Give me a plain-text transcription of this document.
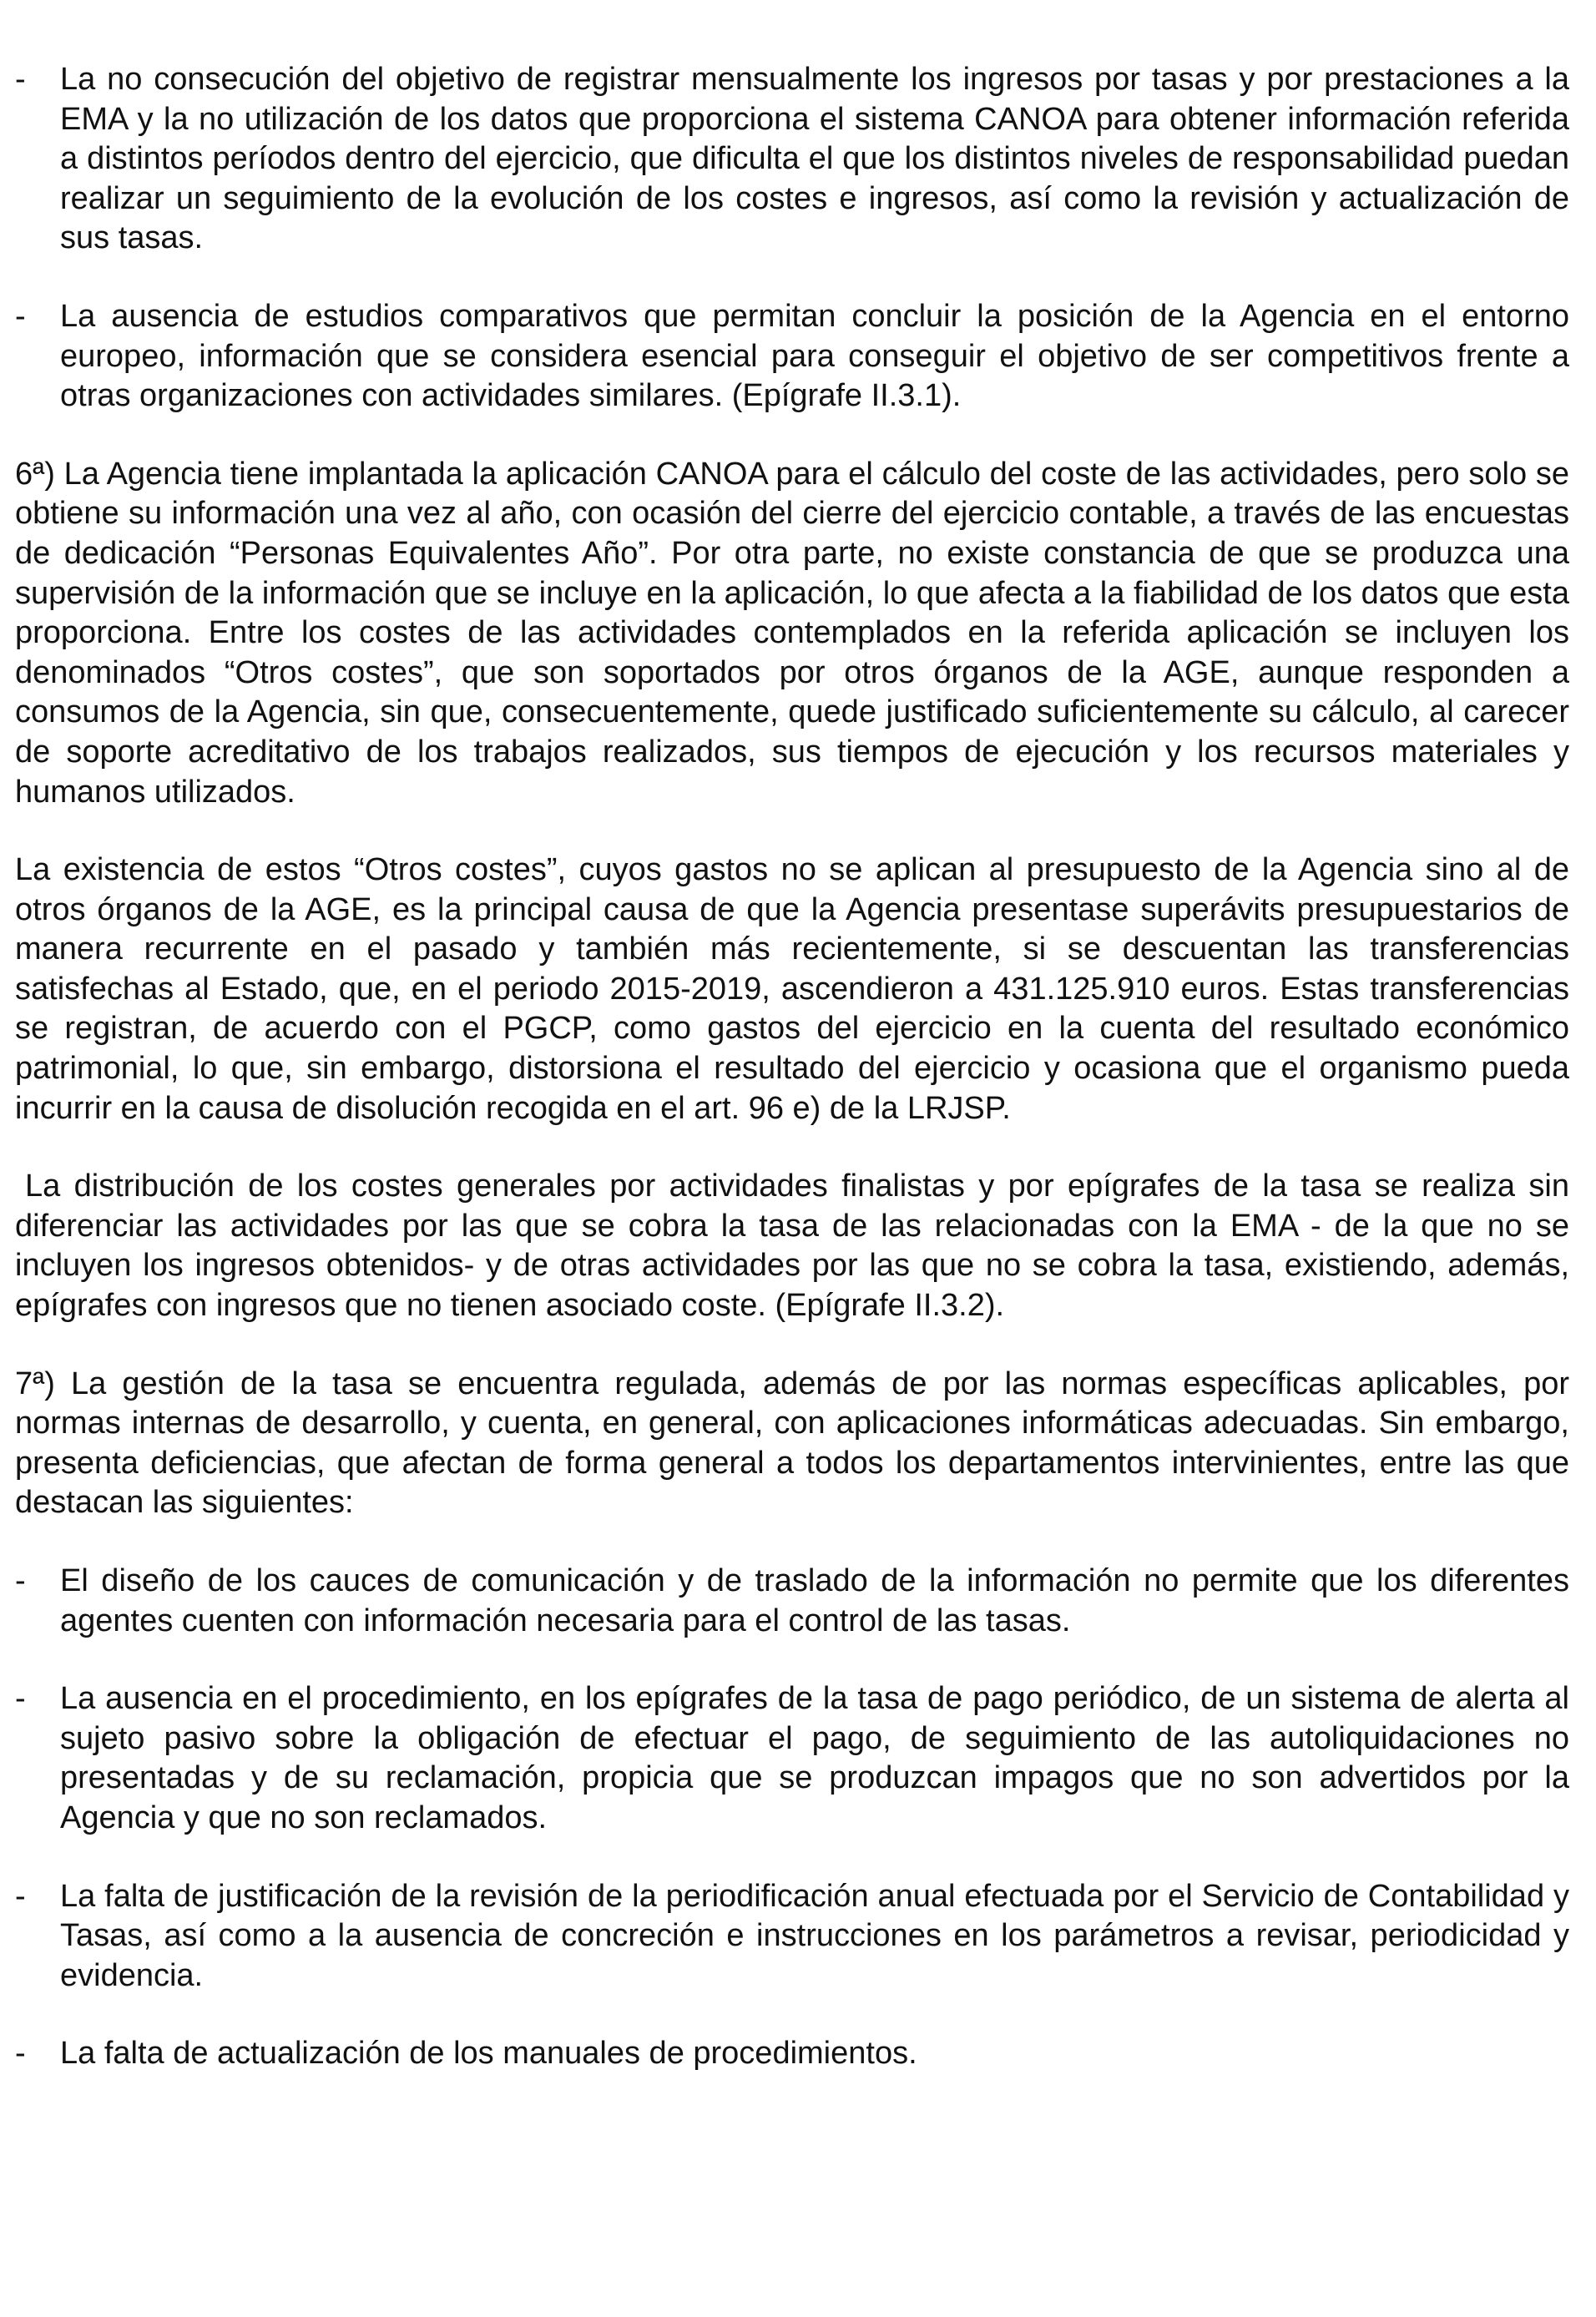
- La no consecución del objetivo de registrar mensualmente los ingresos por tasas y por prestaciones a la EMA y la no utilización de los datos que proporciona el sistema CANOA para obtener información referida a distintos períodos dentro del ejercicio, que dificulta el que los distintos niveles de responsabilidad puedan realizar un seguimiento de la evolución de los costes e ingresos, así como la revisión y actualización de sus tasas.
- La ausencia de estudios comparativos que permitan concluir la posición de la Agencia en el entorno europeo, información que se considera esencial para conseguir el objetivo de ser competitivos frente a otras organizaciones con actividades similares. (Epígrafe II.3.1).

6ª) La Agencia tiene implantada la aplicación CANOA para el cálculo del coste de las actividades, pero solo se obtiene su información una vez al año, con ocasión del cierre del ejercicio contable, a través de las encuestas de dedicación “Personas Equivalentes Año”. Por otra parte, no existe constancia de que se produzca una supervisión de la información que se incluye en la aplicación, lo que afecta a la fiabilidad de los datos que esta proporciona. Entre los costes de las actividades contemplados en la referida aplicación se incluyen los denominados “Otros costes”, que son soportados por otros órganos de la AGE, aunque responden a consumos de la Agencia, sin que, consecuentemente, quede justificado suficientemente su cálculo, al carecer de soporte acreditativo de los trabajos realizados, sus tiempos de ejecución y los recursos materiales y humanos utilizados.

La existencia de estos “Otros costes”, cuyos gastos no se aplican al presupuesto de la Agencia sino al de otros órganos de la AGE, es la principal causa de que la Agencia presentase superávits presupuestarios de manera recurrente en el pasado y también más recientemente, si se descuentan las transferencias satisfechas al Estado, que, en el periodo 2015-2019, ascendieron a 431.125.910 euros. Estas transferencias se registran, de acuerdo con el PGCP, como gastos del ejercicio en la cuenta del resultado económico patrimonial, lo que, sin embargo, distorsiona el resultado del ejercicio y ocasiona que el organismo pueda incurrir en la causa de disolución recogida en el art. 96 e) de la LRJSP.

La distribución de los costes generales por actividades finalistas y por epígrafes de la tasa se realiza sin diferenciar las actividades por las que se cobra la tasa de las relacionadas con la EMA - de la que no se incluyen los ingresos obtenidos- y de otras actividades por las que no se cobra la tasa, existiendo, además, epígrafes con ingresos que no tienen asociado coste. (Epígrafe II.3.2).

7ª) La gestión de la tasa se encuentra regulada, además de por las normas específicas aplicables, por normas internas de desarrollo, y cuenta, en general, con aplicaciones informáticas adecuadas. Sin embargo, presenta deficiencias, que afectan de forma general a todos los departamentos intervinientes, entre las que destacan las siguientes:

- El diseño de los cauces de comunicación y de traslado de la información no permite que los diferentes agentes cuenten con información necesaria para el control de las tasas.
- La ausencia en el procedimiento, en los epígrafes de la tasa de pago periódico, de un sistema de alerta al sujeto pasivo sobre la obligación de efectuar el pago, de seguimiento de las autoliquidaciones no presentadas y de su reclamación, propicia que se produzcan impagos que no son advertidos por la Agencia y que no son reclamados.
- La falta de justificación de la revisión de la periodificación anual efectuada por el Servicio de Contabilidad y Tasas, así como a la ausencia de concreción e instrucciones en los parámetros a revisar, periodicidad y evidencia.
- La falta de actualización de los manuales de procedimientos.
